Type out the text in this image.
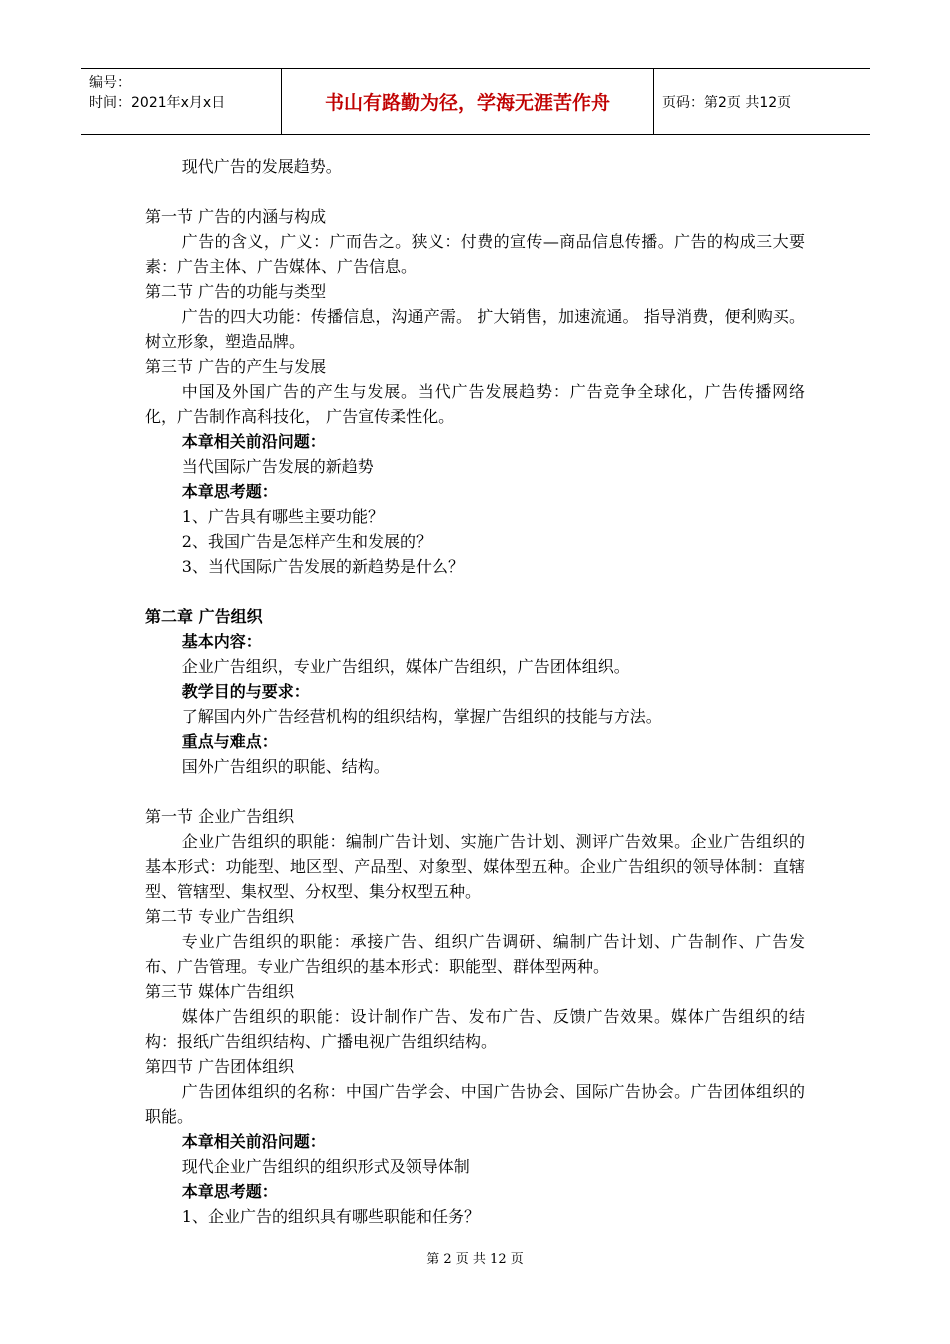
编号：
时间：2021年x月x日	书山有路勤为径，学海无涯苦作舟	页码：第2页 共12页

现代广告的发展趋势。

第一节 广告的内涵与构成

广告的含义，广义：广而告之。狭义：付费的宣传—商品信息传播。广告的构成三大要素：广告主体、广告媒体、广告信息。

第二节 广告的功能与类型

广告的四大功能：传播信息，沟通产需。 扩大销售，加速流通。 指导消费，便利购买。 树立形象，塑造品牌。

第三节 广告的产生与发展

中国及外国广告的产生与发展。当代广告发展趋势：广告竞争全球化，广告传播网络化，广告制作高科技化， 广告宣传柔性化。

本章相关前沿问题：

当代国际广告发展的新趋势

本章思考题：

1、广告具有哪些主要功能？

2、我国广告是怎样产生和发展的？

3、当代国际广告发展的新趋势是什么？

第二章 广告组织

基本内容：

企业广告组织，专业广告组织，媒体广告组织，广告团体组织。

教学目的与要求：

了解国内外广告经营机构的组织结构，掌握广告组织的技能与方法。

重点与难点：

国外广告组织的职能、结构。

第一节 企业广告组织

企业广告组织的职能：编制广告计划、实施广告计划、测评广告效果。企业广告组织的基本形式：功能型、地区型、产品型、对象型、媒体型五种。企业广告组织的领导体制：直辖型、管辖型、集权型、分权型、集分权型五种。

第二节 专业广告组织

专业广告组织的职能：承接广告、组织广告调研、编制广告计划、广告制作、广告发布、广告管理。专业广告组织的基本形式：职能型、群体型两种。

第三节 媒体广告组织

媒体广告组织的职能：设计制作广告、发布广告、反馈广告效果。媒体广告组织的结构：报纸广告组织结构、广播电视广告组织结构。

第四节 广告团体组织

广告团体组织的名称：中国广告学会、中国广告协会、国际广告协会。广告团体组织的职能。

本章相关前沿问题：

现代企业广告组织的组织形式及领导体制

本章思考题：

1、企业广告的组织具有哪些职能和任务？

第 2 页 共 12 页
